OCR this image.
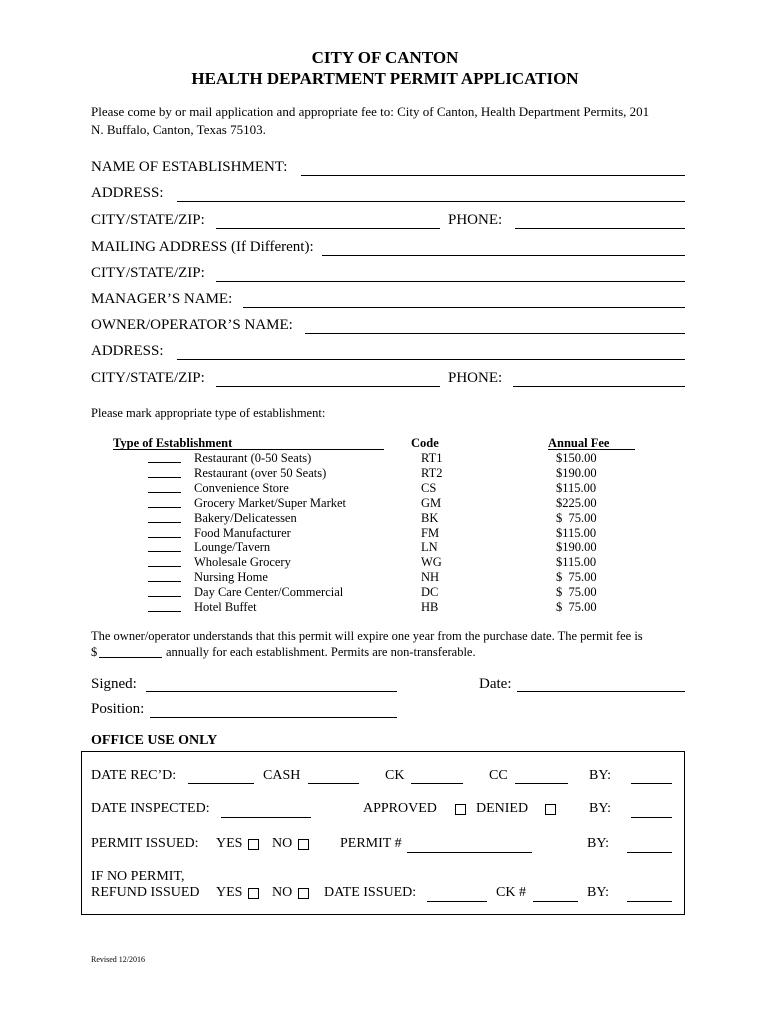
CITY OF CANTON
HEALTH DEPARTMENT PERMIT APPLICATION
Please come by or mail application and appropriate fee to: City of Canton, Health Department Permits, 201 N. Buffalo, Canton, Texas 75103.
NAME OF ESTABLISHMENT:
ADDRESS:
CITY/STATE/ZIP:	PHONE:
MAILING ADDRESS (If Different):
CITY/STATE/ZIP:
MANAGER’S NAME:
OWNER/OPERATOR’S NAME:
ADDRESS:
CITY/STATE/ZIP:	PHONE:
Please mark appropriate type of establishment:
Type of Establishment	Code	Annual Fee
Restaurant (0-50 Seats)	RT1	$150.00
Restaurant (over 50 Seats)	RT2	$190.00
Convenience Store	CS	$115.00
Grocery Market/Super Market	GM	$225.00
Bakery/Delicatessen	BK	$  75.00
Food Manufacturer	FM	$115.00
Lounge/Tavern	LN	$190.00
Wholesale Grocery	WG	$115.00
Nursing Home	NH	$  75.00
Day Care Center/Commercial	DC	$  75.00
Hotel Buffet	HB	$  75.00
The owner/operator understands that this permit will expire one year from the purchase date. The permit fee is
$	annually for each establishment. Permits are non-transferable.
Signed:	Date:
Position:
OFFICE USE ONLY
DATE REC’D:	CASH	CK	CC	BY:
DATE INSPECTED:	APPROVED	DENIED	BY:
PERMIT ISSUED: YES NO	PERMIT #	BY:
IF NO PERMIT,
REFUND ISSUED YES NO DATE ISSUED:	CK #	BY:
Revised 12/2016
